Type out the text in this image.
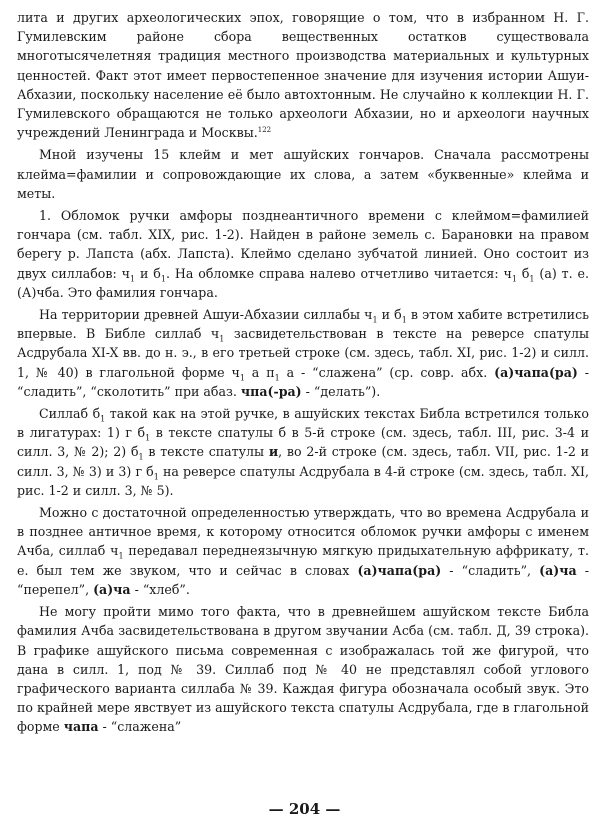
лита и других археологических эпох, говорящие о том, что в избранном Н. Г. Гумилевским районе сбора вещественных остатков существовала многотысячелетняя традиция местного производства материальных и культурных ценностей. Факт этот имеет первостепенное значение для изучения истории Ашуи-Абхазии, поскольку население её было автохтонным. Не случайно к коллекции Н. Г. Гумилевского обращаются не только археологи Абхазии, но и археологи научных учреждений Ленинграда и Москвы.$^{122}$

Мной изучены 15 клейм и мет ашуйских гончаров. Сначала рассмотрены клейма=фамилии и сопровождающие их слова, а затем «буквенные» клейма и меты.

1. Обломок ручки амфоры позднеантичного времени с клеймом=фамилией гончара (см. табл. XIX, рис. 1-2). Найден в районе земель с. Барановки на правом берегу р. Лапста (абх. Лапста). Клеймо сделано зубчатой линией. Оно состоит из двух силлабов: $ч_1$ и $б_1$. На обломке справа налево отчетливо читается: $ч_1$ $б_1$ (а) т. е. (А)чба. Это фамилия гончара.

На территории древней Ашуи-Абхазии силлабы $ч_1$ и $б_1$ в этом хабите встретились впервые. В Библе силлаб $ч_1$ засвидетельствован в тексте на реверсе спатулы Асдрубала XI-X вв. до н. э., в его третьей строке (см. здесь, табл. XI, рис. 1-2) и силл. 1, № 40) в глагольной форме $ч_1$ а $п_1$ а - “слажена” (ср. совр. абх. (а)чапа(ра) - “сладить”, “сколотить” при абаз. чпа(-ра) - “делать”).

Силлаб $б_1$ такой как на этой ручке, в ашуйских текстах Библа встретился только в лигатурах: 1) г $б_1$ в тексте спатулы б в 5-й строке (см. здесь, табл. III, рис. 3-4 и силл. 3, № 2); 2) $б_1$ в тексте спатулы и, во 2-й строке (см. здесь, табл. VII, рис. 1-2 и силл. 3, № 3) и 3) г $б_1$ на реверсе спатулы Асдрубала в 4-й строке (см. здесь, табл. XI, рис. 1-2 и силл. 3, № 5).

Можно с достаточной определенностью утверждать, что во времена Асдрубала и в позднее античное время, к которому относится обломок ручки амфоры с именем Ачба, силлаб $ч_1$ передавал переднеязычную мягкую придыхательную аффрикату, т. е. был тем же звуком, что и сейчас в словах (а)чапа(ра) - “сладить”, (а)ча - “перепел”, (а)ча - “хлеб”.

Не могу пройти мимо того факта, что в древнейшем ашуйском тексте Библа фамилия Ачба засвидетельствована в другом звучании Асба (см. табл. Д, 39 строка). В графике ашуйского письма современная с изображалась той же фигурой, что дана в силл. 1, под № 39. Силлаб под № 40 не представлял собой углового графического варианта силлаба № 39. Каждая фигура обозначала особый звук. Это по крайней мере явствует из ашуйского текста спатулы Асдрубала, где в глагольной форме чапа - “слажена”

— 204 —
